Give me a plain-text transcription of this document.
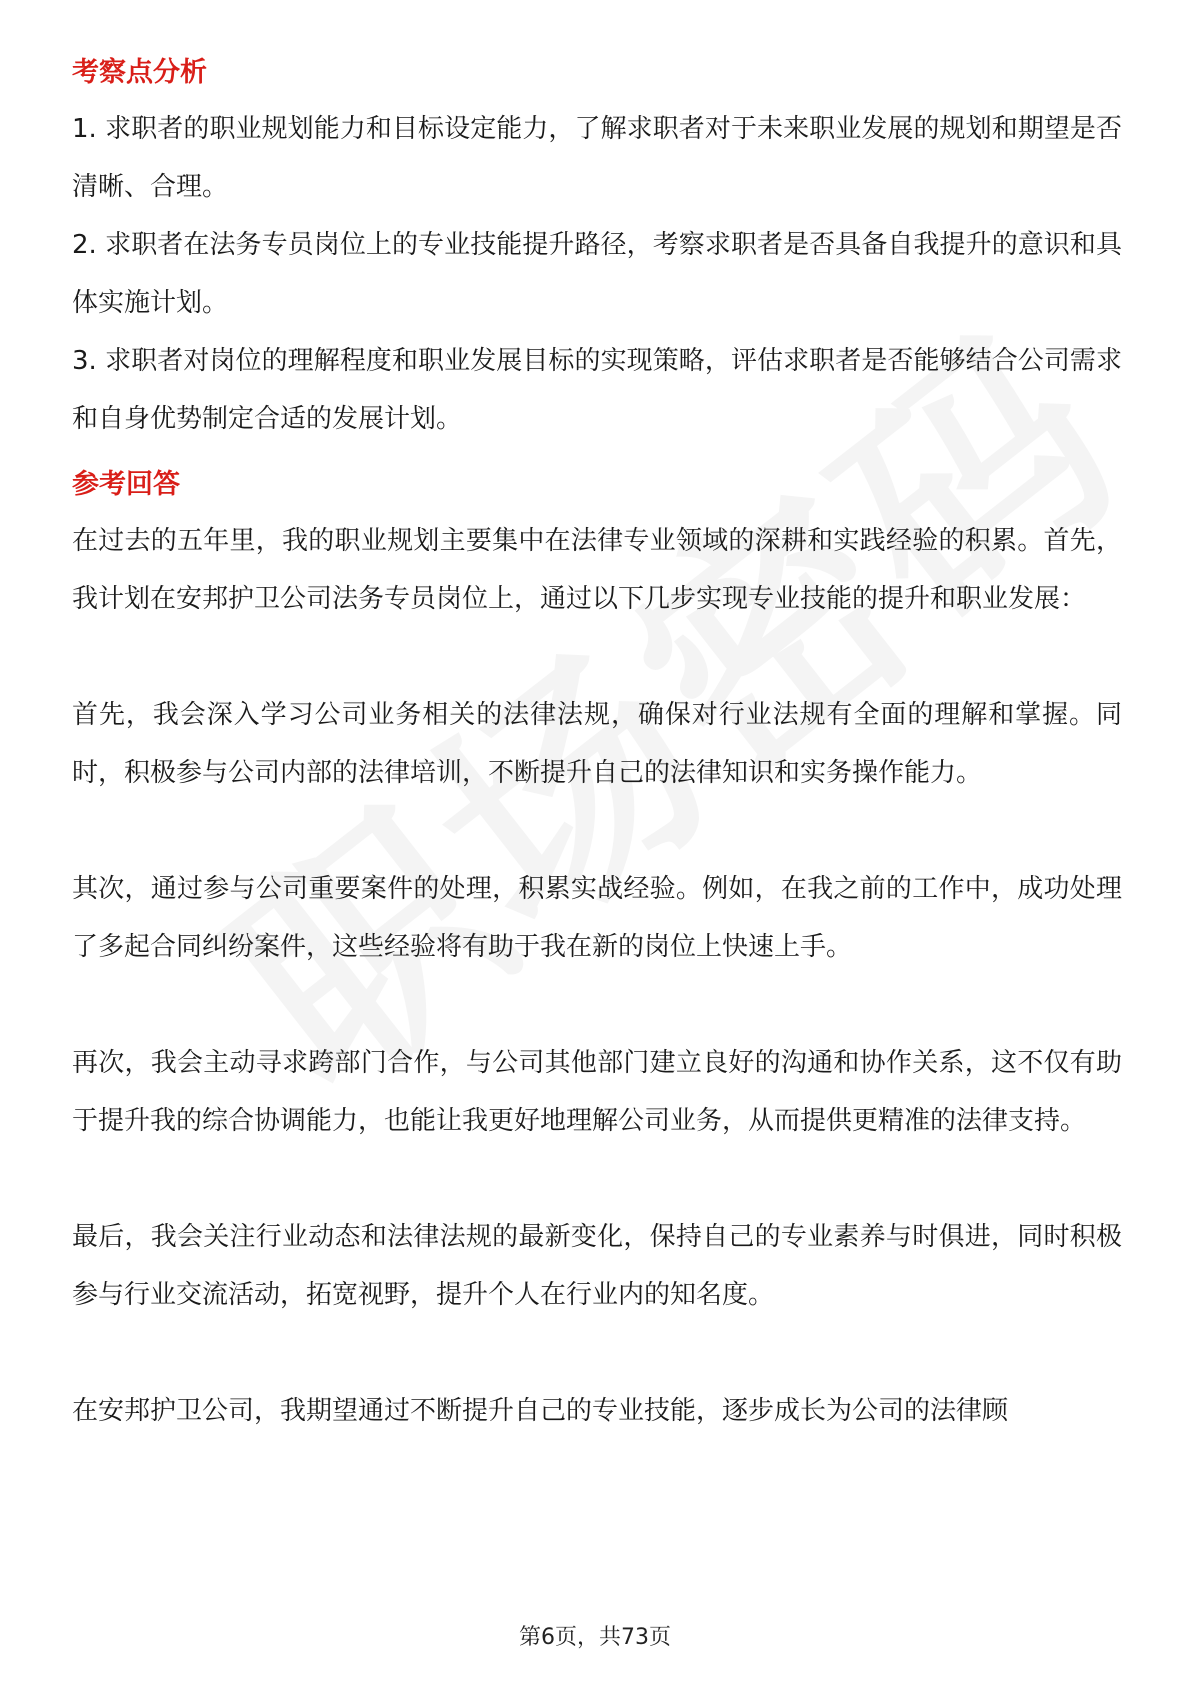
考察点分析

1. 求职者的职业规划能力和目标设定能力，了解求职者对于未来职业发展的规划和期望是否清晰、合理。

2. 求职者在法务专员岗位上的专业技能提升路径，考察求职者是否具备自我提升的意识和具体实施计划。

3. 求职者对岗位的理解程度和职业发展目标的实现策略，评估求职者是否能够结合公司需求和自身优势制定合适的发展计划。

参考回答

在过去的五年里，我的职业规划主要集中在法律专业领域的深耕和实践经验的积累。首先，我计划在安邦护卫公司法务专员岗位上，通过以下几步实现专业技能的提升和职业发展：

首先，我会深入学习公司业务相关的法律法规，确保对行业法规有全面的理解和掌握。同时，积极参与公司内部的法律培训，不断提升自己的法律知识和实务操作能力。

其次，通过参与公司重要案件的处理，积累实战经验。例如，在我之前的工作中，成功处理了多起合同纠纷案件，这些经验将有助于我在新的岗位上快速上手。

再次，我会主动寻求跨部门合作，与公司其他部门建立良好的沟通和协作关系，这不仅有助于提升我的综合协调能力，也能让我更好地理解公司业务，从而提供更精准的法律支持。

最后，我会关注行业动态和法律法规的最新变化，保持自己的专业素养与时俱进，同时积极参与行业交流活动，拓宽视野，提升个人在行业内的知名度。

在安邦护卫公司，我期望通过不断提升自己的专业技能，逐步成长为公司的法律顾

第6页，共73页
